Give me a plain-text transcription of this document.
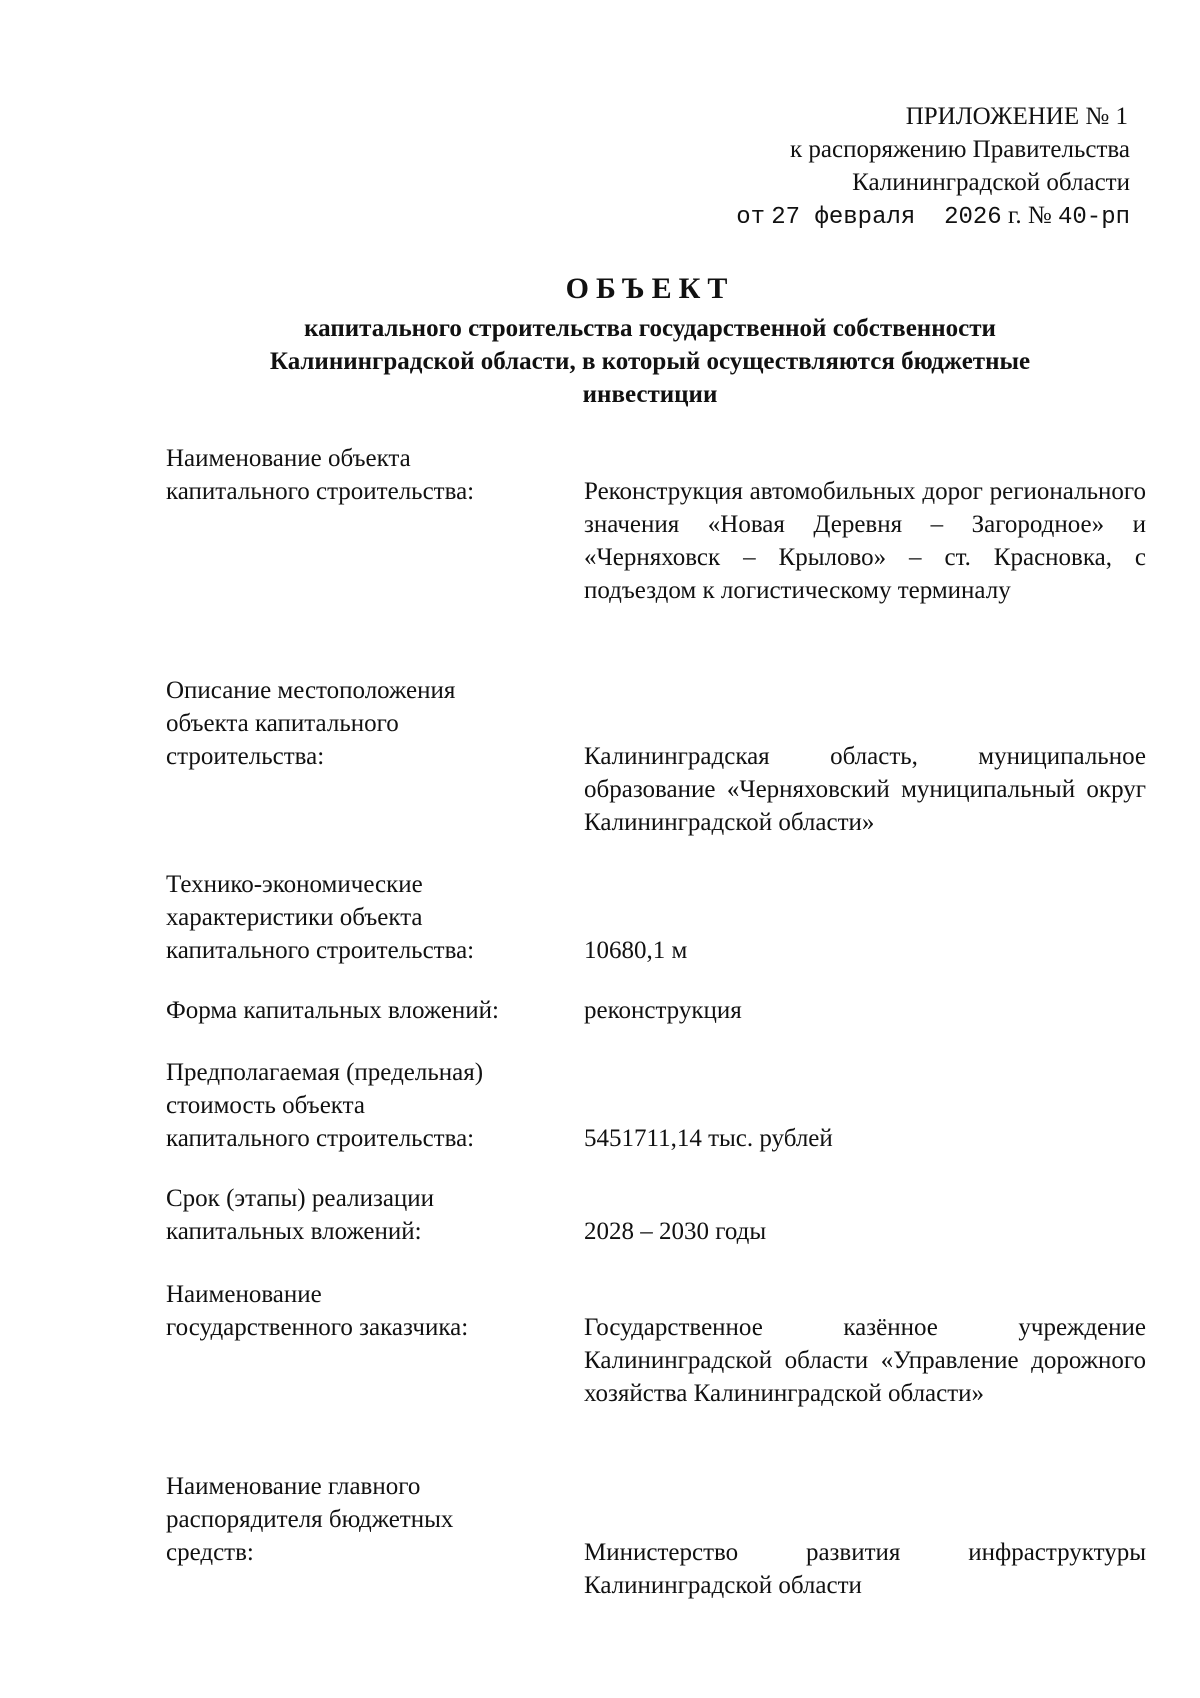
ПРИЛОЖЕНИЕ № 1
к распоряжению Правительства
Калининградской области
от 27 февраля  2026 г. № 40-рп
ОБЪЕКТ
капитального строительства государственной собственности
Калининградской области, в который осуществляются бюджетные
инвестиции
Наименование объекта
капитального строительства:	Реконструкция автомобильных дорог регионального значения «Новая Деревня – Загородное» и «Черняховск – Крылово» – ст. Красновка, с подъездом к логистическому терминалу
Описание местоположения
объекта капитального
строительства:	Калининградская область, муниципальное образование «Черняховский муниципальный округ Калининградской области»
Технико-экономические
характеристики объекта
капитального строительства:	10680,1 м
Форма капитальных вложений:	реконструкция
Предполагаемая (предельная)
стоимость объекта
капитального строительства:	5451711,14 тыс. рублей
Срок (этапы) реализации
капитальных вложений:	2028 – 2030 годы
Наименование
государственного заказчика:	Государственное казённое учреждение Калининградской области «Управление дорожного хозяйства Калининградской области»
Наименование главного
распорядителя бюджетных
средств:	Министерство развития инфраструктуры Калининградской области
